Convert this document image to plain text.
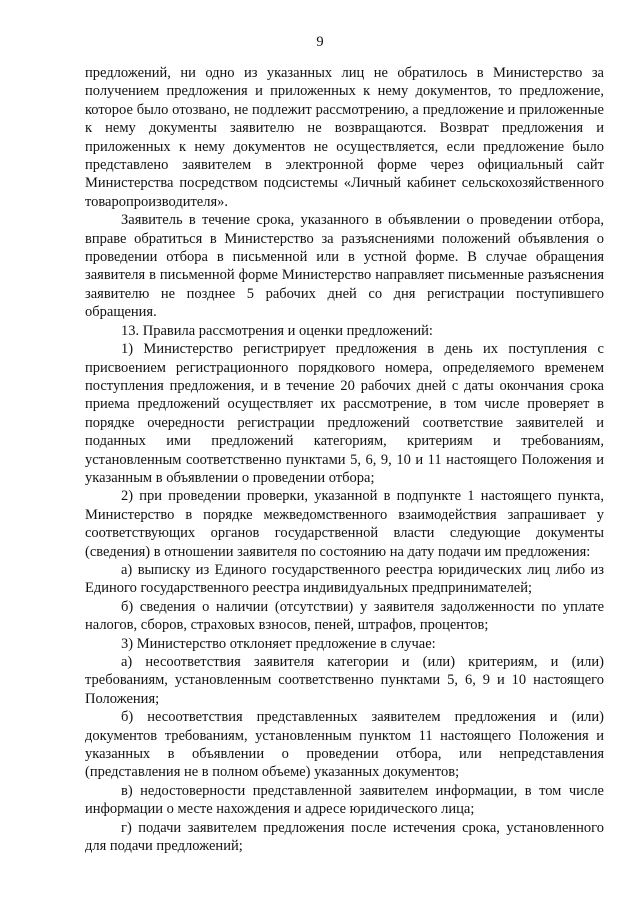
9

предложений, ни одно из указанных лиц не обратилось в Министерство за получением предложения и приложенных к нему документов, то предложение, которое было отозвано, не подлежит рассмотрению, а предложение и приложенные к нему документы заявителю не возвращаются. Возврат предложения и приложенных к нему документов не осуществляется, если предложение было представлено заявителем в электронной форме через официальный сайт Министерства посредством подсистемы «Личный кабинет сельскохозяйственного товаропроизводителя».

Заявитель в течение срока, указанного в объявлении о проведении отбора, вправе обратиться в Министерство за разъяснениями положений объявления о проведении отбора в письменной или в устной форме. В случае обращения заявителя в письменной форме Министерство направляет письменные разъяснения заявителю не позднее 5 рабочих дней со дня регистрации поступившего обращения.

13. Правила рассмотрения и оценки предложений:

1) Министерство регистрирует предложения в день их поступления с присвоением регистрационного порядкового номера, определяемого временем поступления предложения, и в течение 20 рабочих дней с даты окончания срока приема предложений осуществляет их рассмотрение, в том числе проверяет в порядке очередности регистрации предложений соответствие заявителей и поданных ими предложений категориям, критериям и требованиям, установленным соответственно пунктами 5, 6, 9, 10 и 11 настоящего Положения и указанным в объявлении о проведении отбора;

2) при проведении проверки, указанной в подпункте 1 настоящего пункта, Министерство в порядке межведомственного взаимодействия запрашивает у соответствующих органов государственной власти следующие документы (сведения) в отношении заявителя по состоянию на дату подачи им предложения:

а) выписку из Единого государственного реестра юридических лиц либо из Единого государственного реестра индивидуальных предпринимателей;

б) сведения о наличии (отсутствии) у заявителя задолженности по уплате налогов, сборов, страховых взносов, пеней, штрафов, процентов;

3) Министерство отклоняет предложение в случае:

а) несоответствия заявителя категории и (или) критериям, и (или) требованиям, установленным соответственно пунктами 5, 6, 9 и 10 настоящего Положения;

б) несоответствия представленных заявителем предложения и (или) документов требованиям, установленным пунктом 11 настоящего Положения и указанных в объявлении о проведении отбора, или непредставления (представления не в полном объеме) указанных документов;

в) недостоверности представленной заявителем информации, в том числе информации о месте нахождения и адресе юридического лица;

г) подачи заявителем предложения после истечения срока, установленного для подачи предложений;
